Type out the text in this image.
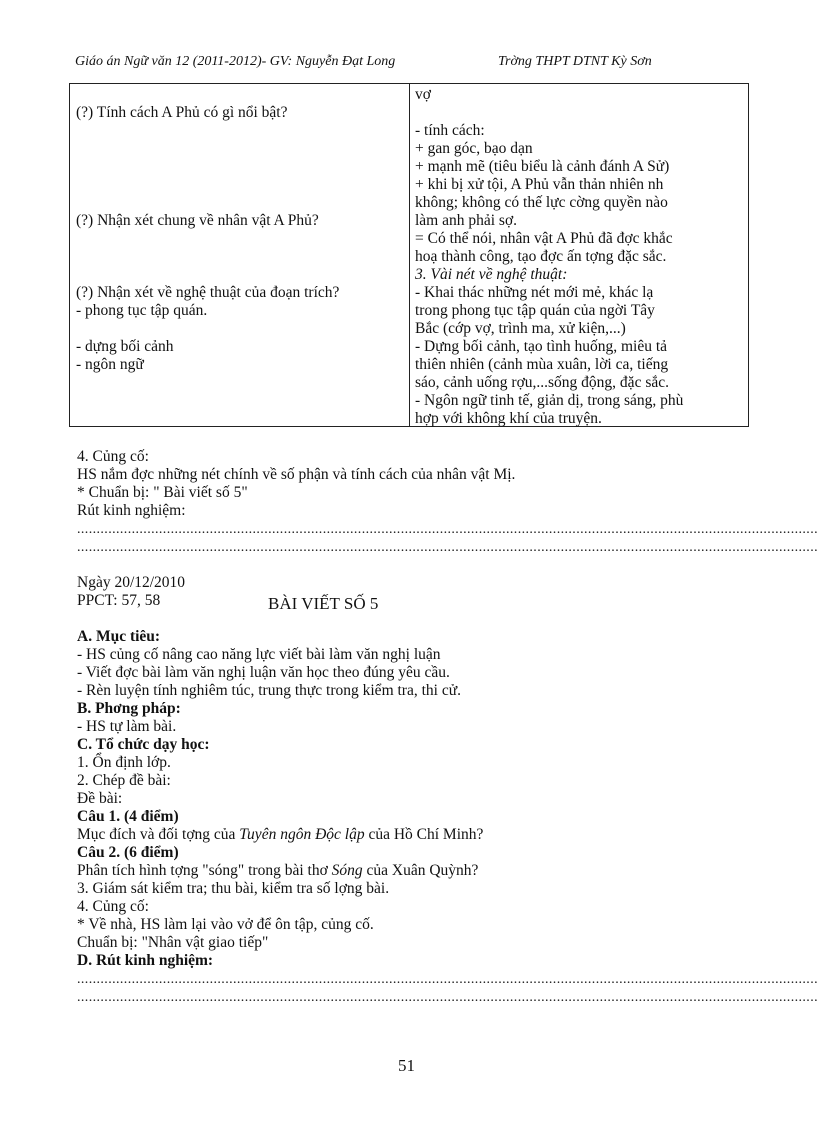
Giáo án Ngữ văn 12 (2011-2012)- GV: Nguyễn Đạt Long	Trờng THPT DTNT Kỳ Sơn
(?) Tính cách A Phủ có gì nổi bật?
(?) Nhận xét chung về nhân vật A Phủ?
(?) Nhận xét về nghệ thuật của đoạn trích?
- phong tục tập quán.
- dựng bối cảnh
- ngôn ngữ
vợ
- tính cách:
+ gan góc, bạo dạn
+ mạnh mẽ (tiêu biểu là cảnh đánh A Sử)
+ khi bị xử tội, A Phủ vẫn thản nhiên nh
không; không có thế lực cờng quyền nào
làm anh phải sợ.
= Có thể nói, nhân vật A Phủ đã đợc khắc
hoạ thành công, tạo đợc ấn tợng đặc sắc.
3. Vài nét về nghệ thuật:
- Khai thác những nét mới mẻ, khác lạ
trong phong tục tập quán của ngời Tây
Bắc (cớp vợ, trình ma, xử kiện,...)
- Dựng bối cảnh, tạo tình huống, miêu tả
thiên nhiên (cảnh mùa xuân, lời ca, tiếng
sáo, cảnh uống rợu,...sống động, đặc sắc.
- Ngôn ngữ tinh tế, giản dị, trong sáng, phù
hợp với không khí của truyện.
4. Củng cố:
HS nắm đợc những nét chính về số phận và tính cách của nhân vật Mị.
* Chuẩn bị: " Bài viết số 5"
Rút kinh nghiệm:
..............................................................................................................................................................................................
..............................................................................................................................................................................................
Ngày 20/12/2010
PPCT: 57, 58	BÀI VIẾT SỐ 5
A. Mục tiêu:
- HS củng cố nâng cao năng lực viết bài làm văn nghị luận
- Viết đợc bài làm văn nghị luận văn học theo đúng yêu cầu.
- Rèn luyện tính nghiêm túc, trung thực trong kiểm tra, thi cử.
B. Phơng pháp:
- HS tự làm bài.
C. Tổ chức dạy học:
1. Ổn định lớp.
2. Chép đề bài:
Đề bài:
Câu 1. (4 điểm)
Mục đích và đối tợng của Tuyên ngôn Độc lập của Hồ Chí Minh?
Câu 2. (6 điểm)
Phân tích hình tợng "sóng" trong bài thơ Sóng của Xuân Quỳnh?
3. Giám sát kiểm tra; thu bài, kiểm tra số lợng bài.
4. Củng cố:
* Về nhà, HS làm lại vào vở để ôn tập, củng cố.
Chuẩn bị: "Nhân vật giao tiếp"
D. Rút kinh nghiệm:
..............................................................................................................................................................................................
..............................................................................................................................................................................................
51
